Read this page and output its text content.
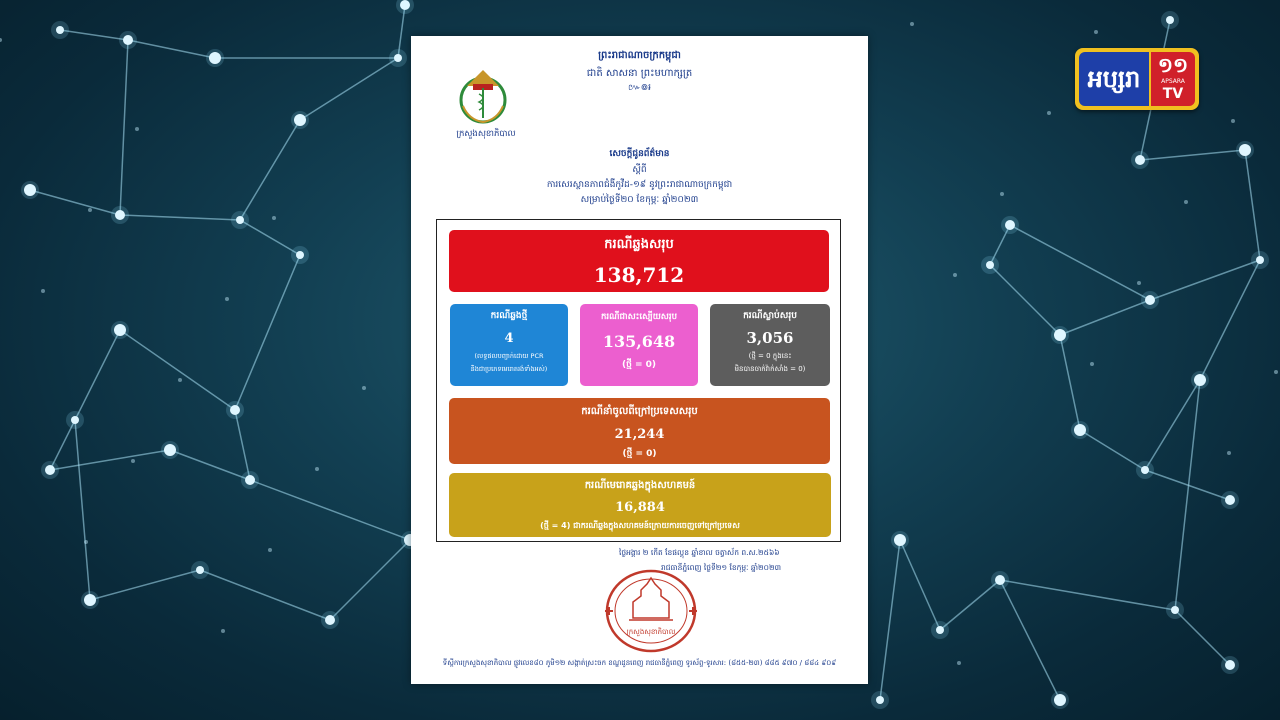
ព្រះរាជាណាចក្រកម្ពុជា
ជាតិ សាសនា ព្រះមហាក្សត្រ
៚៙៛
ក្រសួងសុខាភិបាល
សេចក្តីជូនព័ត៌មាន
ស្តីពី
ការសេរស្ថានភាពជំងឺកូវីដ-១៩ នូវព្រះរាជាណាចក្រកម្ពុជា
សម្រាប់ថ្ងៃទី២០ ខែកុម្ភៈ ឆ្នាំ២០២៣
ករណីឆ្លងសរុប
138,712
ករណីឆ្លងថ្មី
4
(លទ្ធផលបញ្ជាក់ដោយ PCR
និងជាប្រភេទមេរោគរង់ទាំងអស់)
ករណីជាសះស្បើយសរុប
135,648
(ថ្មី = 0)
ករណីស្លាប់សរុប
3,056
(ថ្មី = 0 ក្នុងនេះ
មិនបានចាក់វ៉ាក់សាំង = 0)
ករណីនាំចូលពីក្រៅប្រទេសសរុប
21,244
(ថ្មី = 0)
ករណីមេរោគឆ្លងក្នុងសហគមន៍
16,884
(ថ្មី = 4) ជាករណីឆ្លងក្នុងសហគមន៍ក្រោយការចេញទៅក្រៅប្រទេស
ថ្ងៃអង្គារ ២ កើត ខែផល្គុន ឆ្នាំខាល ចត្វាស័ក ព.ស.២៥៦៦
រាជធានីភ្នំពេញ ថ្ងៃទី២១ ខែកុម្ភៈ ឆ្នាំ២០២៣
ក្រសួងសុខាភិបាល
ទីស្តីការក្រសួងសុខាភិបាល ផ្លូវលេខ៨០ ភូមិ១២ សង្កាត់ស្រះចក ខណ្ឌដូនពេញ រាជធានីភ្នំពេញ ទូរស័ព្ទ-ទូរសារ: (៨៥៥-២៣) ៨៨៥ ៩៧០ / ៨៨៤ ៩០៩
អប្សរា ១១
APSARA
TV
